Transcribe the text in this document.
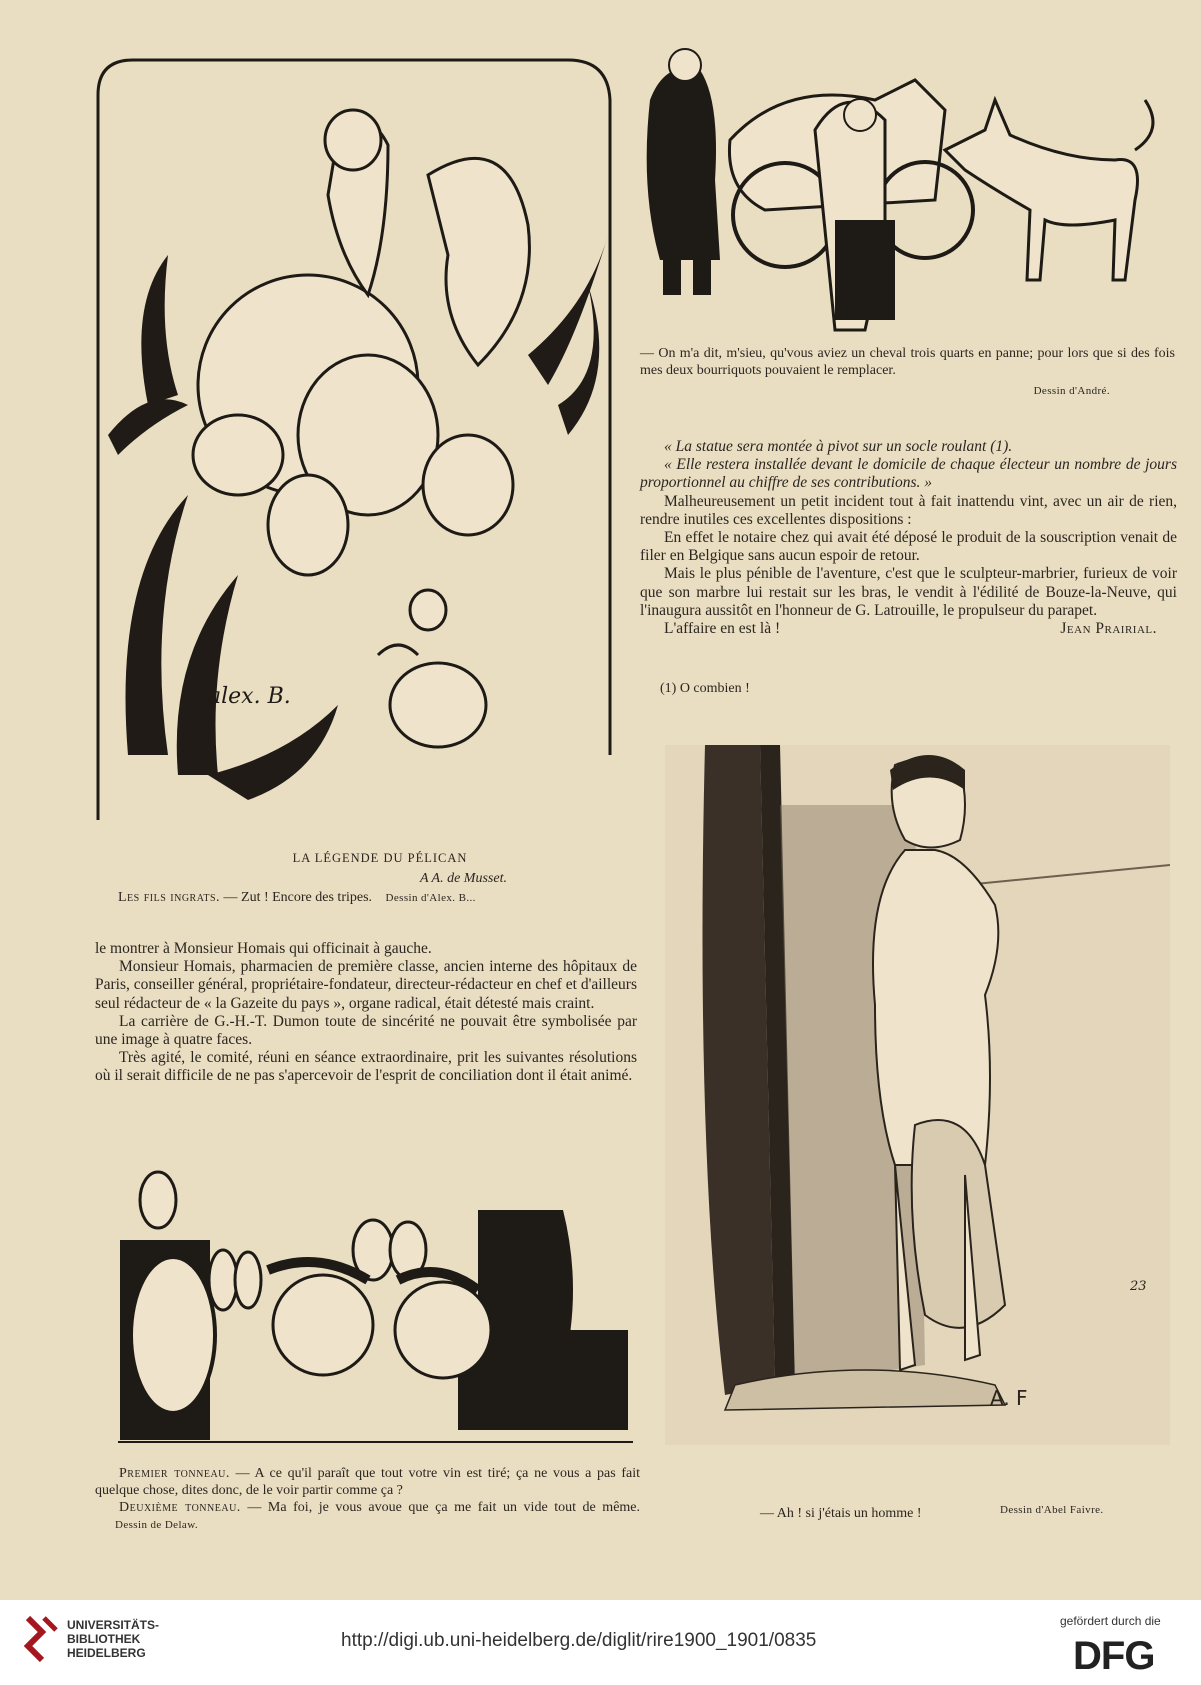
alex. B.
LA LÉGENDE DU PÉLICAN
A A. de Musset.
Les fils ingrats. — Zut ! Encore des tripes. Dessin d'Alex. B...

le montrer à Monsieur Homais qui officinait à gauche.

Monsieur Homais, pharmacien de première classe, ancien interne des hôpitaux de Paris, conseiller général, propriétaire-fondateur, directeur-rédacteur en chef et d'ailleurs seul rédacteur de « la Gazeite du pays », organe radical, était détesté mais craint.

La carrière de G.-H.-T. Dumon toute de sincérité ne pouvait être symbolisée par une image à quatre faces.

Très agité, le comité, réuni en séance extraordinaire, prit les suivantes résolutions où il serait difficile de ne pas s'apercevoir de l'esprit de conciliation dont il était animé.

Premier tonneau. — A ce qu'il paraît que tout votre vin est tiré; ça ne vous a pas fait quelque chose, dites donc, de le voir partir comme ça ?
Deuxième tonneau. — Ma foi, je vous avoue que ça me fait un vide tout de même. Dessin de Delaw.
— On m'a dit, m'sieu, qu'vous aviez un cheval trois quarts en panne; pour lors que si des fois mes deux bourriquots pouvaient le remplacer.
Dessin d'André.

« La statue sera montée à pivot sur un socle roulant (1).

« Elle restera installée devant le domicile de chaque électeur un nombre de jours proportionnel au chiffre de ses contributions. »

Malheureusement un petit incident tout à fait inattendu vint, avec un air de rien, rendre inutiles ces excellentes dispositions :

En effet le notaire chez qui avait été déposé le produit de la souscription venait de filer en Belgique sans aucun espoir de retour.

Mais le plus pénible de l'aventure, c'est que le sculpteur-marbrier, furieux de voir que son marbre lui restait sur les bras, le vendit à l'édilité de Bouze-la-Neuve, qui l'inaugura aussitôt en l'honneur de G. Latrouille, le propulseur du parapet.

L'affaire en est là !	Jean Prairial.
(1) O combien !
A. F
23
— Ah ! si j'étais un homme !	Dessin d'Abel Faivre.
UNIVERSITÄTS-
BIBLIOTHEK
HEIDELBERG
http://digi.ub.uni-heidelberg.de/diglit/rire1900_1901/0835
gefördert durch die
DFG
